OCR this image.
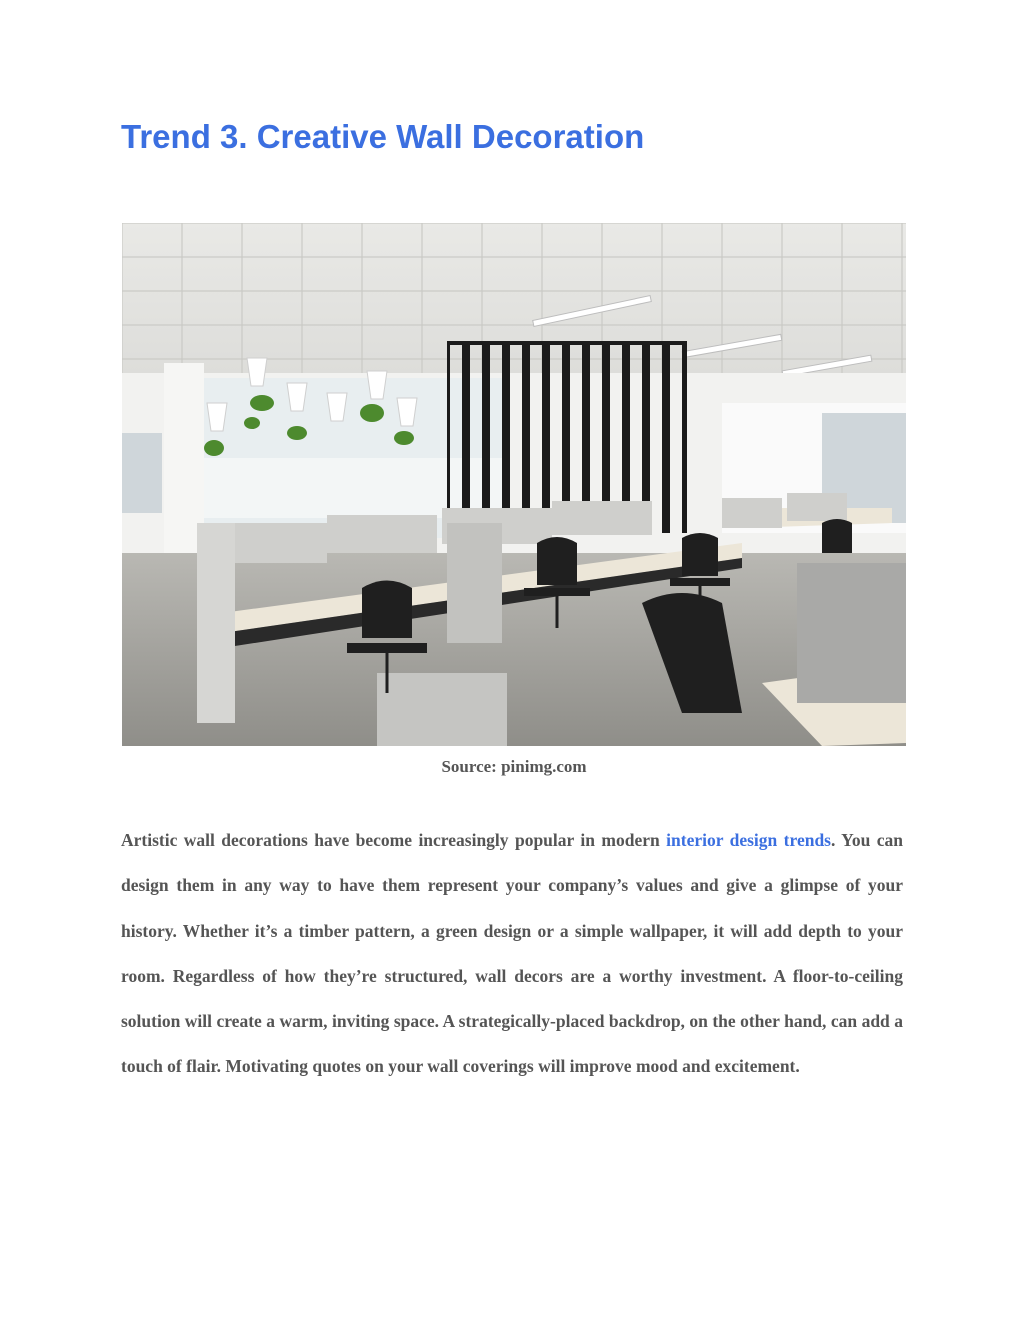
Trend 3. Creative Wall Decoration
Source: pinimg.com

Artistic wall decorations have become increasingly popular in modern interior design trends. You can design them in any way to have them represent your company’s values and give a glimpse of your history. Whether it’s a timber pattern, a green design or a simple wallpaper, it will add depth to your room. Regardless of how they’re structured, wall decors are a worthy investment. A floor-to-ceiling solution will create a warm, inviting space. A strategically-placed backdrop, on the other hand, can add a touch of flair. Motivating quotes on your wall coverings will improve mood and excitement.
